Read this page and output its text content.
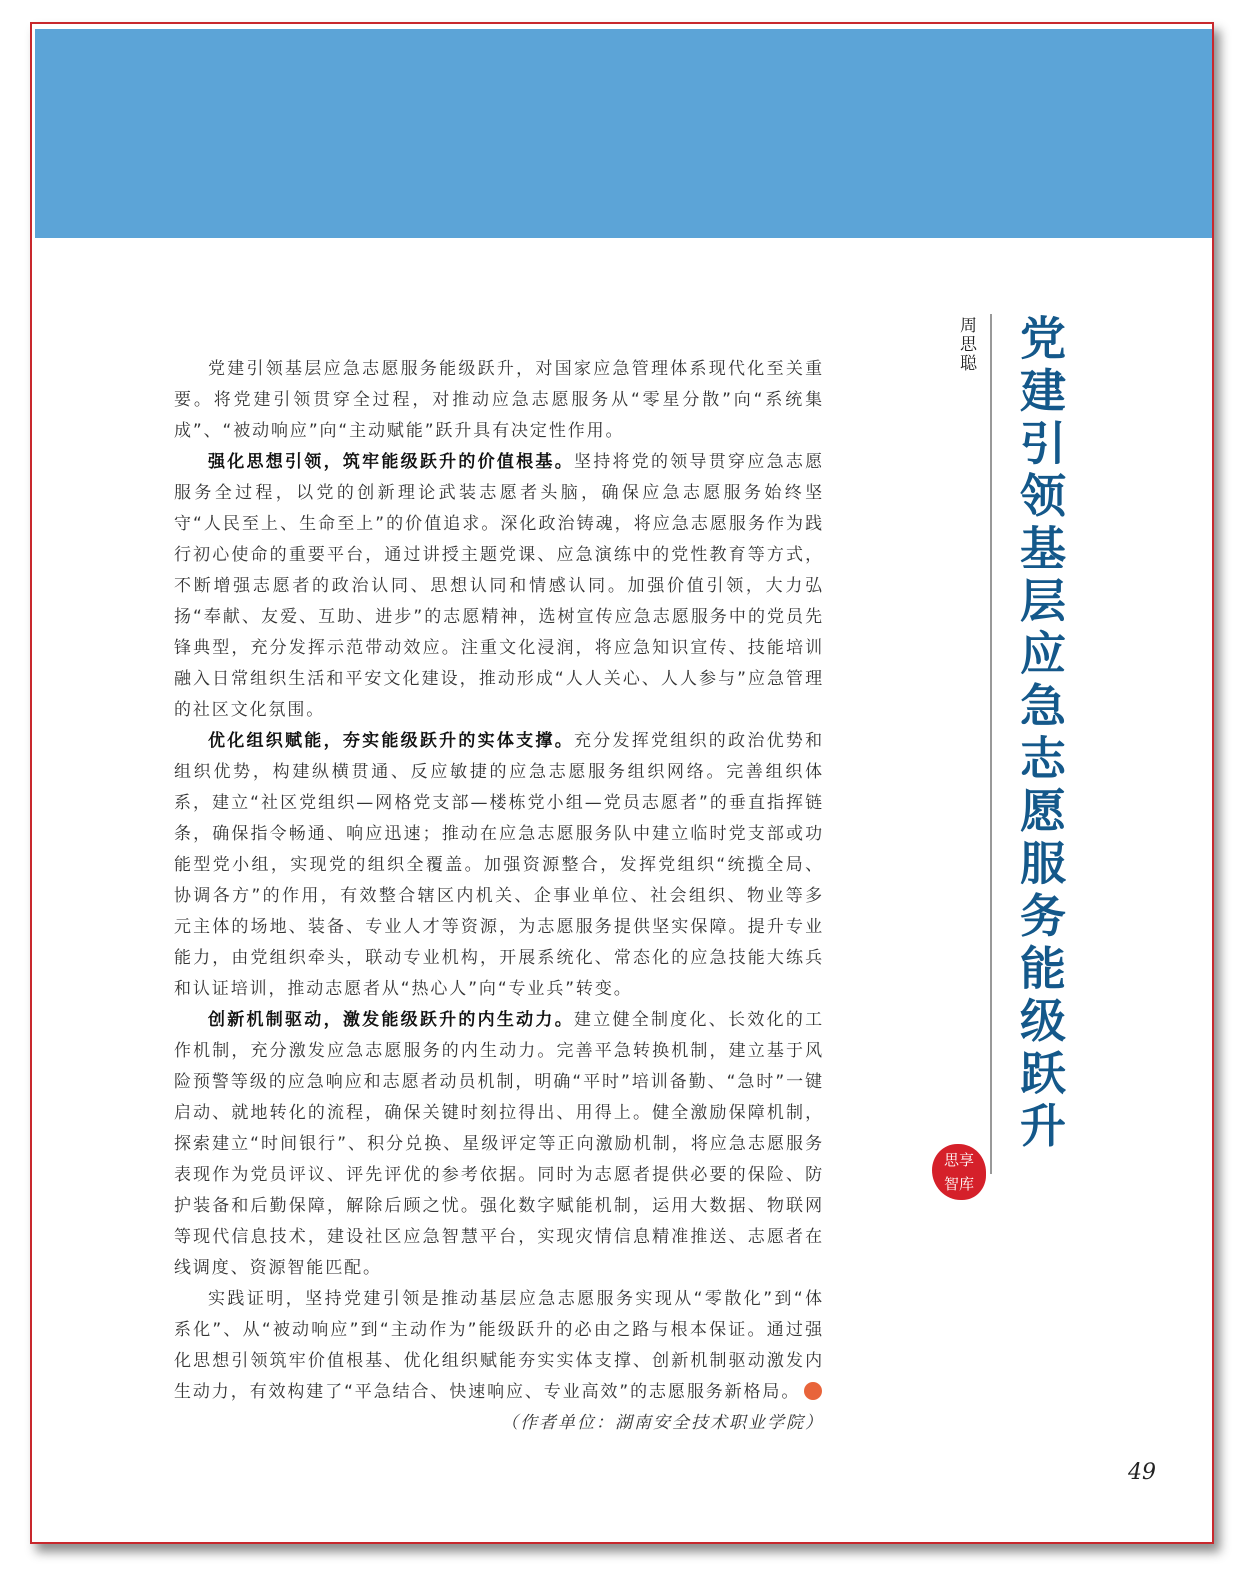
党建引领基层应急志愿服务能级跃升
周思聪
思享
智库

党建引领基层应急志愿服务能级跃升，对国家应急管理体系现代化至关重要。将党建引领贯穿全过程，对推动应急志愿服务从“零星分散”向“系统集成”、“被动响应”向“主动赋能”跃升具有决定性作用。

强化思想引领，筑牢能级跃升的价值根基。坚持将党的领导贯穿应急志愿服务全过程，以党的创新理论武装志愿者头脑，确保应急志愿服务始终坚守“人民至上、生命至上”的价值追求。深化政治铸魂，将应急志愿服务作为践行初心使命的重要平台，通过讲授主题党课、应急演练中的党性教育等方式，不断增强志愿者的政治认同、思想认同和情感认同。加强价值引领，大力弘扬“奉献、友爱、互助、进步”的志愿精神，选树宣传应急志愿服务中的党员先锋典型，充分发挥示范带动效应。注重文化浸润，将应急知识宣传、技能培训融入日常组织生活和平安文化建设，推动形成“人人关心、人人参与”应急管理的社区文化氛围。

优化组织赋能，夯实能级跃升的实体支撑。充分发挥党组织的政治优势和组织优势，构建纵横贯通、反应敏捷的应急志愿服务组织网络。完善组织体系，建立“社区党组织—网格党支部—楼栋党小组—党员志愿者”的垂直指挥链条，确保指令畅通、响应迅速；推动在应急志愿服务队中建立临时党支部或功能型党小组，实现党的组织全覆盖。加强资源整合，发挥党组织“统揽全局、协调各方”的作用，有效整合辖区内机关、企事业单位、社会组织、物业等多元主体的场地、装备、专业人才等资源，为志愿服务提供坚实保障。提升专业能力，由党组织牵头，联动专业机构，开展系统化、常态化的应急技能大练兵和认证培训，推动志愿者从“热心人”向“专业兵”转变。

创新机制驱动，激发能级跃升的内生动力。建立健全制度化、长效化的工作机制，充分激发应急志愿服务的内生动力。完善平急转换机制，建立基于风险预警等级的应急响应和志愿者动员机制，明确“平时”培训备勤、“急时”一键启动、就地转化的流程，确保关键时刻拉得出、用得上。健全激励保障机制，探索建立“时间银行”、积分兑换、星级评定等正向激励机制，将应急志愿服务表现作为党员评议、评先评优的参考依据。同时为志愿者提供必要的保险、防护装备和后勤保障，解除后顾之忧。强化数字赋能机制，运用大数据、物联网等现代信息技术，建设社区应急智慧平台，实现灾情信息精准推送、志愿者在线调度、资源智能匹配。

实践证明，坚持党建引领是推动基层应急志愿服务实现从“零散化”到“体系化”、从“被动响应”到“主动作为”能级跃升的必由之路与根本保证。通过强化思想引领筑牢价值根基、优化组织赋能夯实实体支撑、创新机制驱动激发内生动力，有效构建了“平急结合、快速响应、专业高效”的志愿服务新格局。

（作者单位：湖南安全技术职业学院）

49
